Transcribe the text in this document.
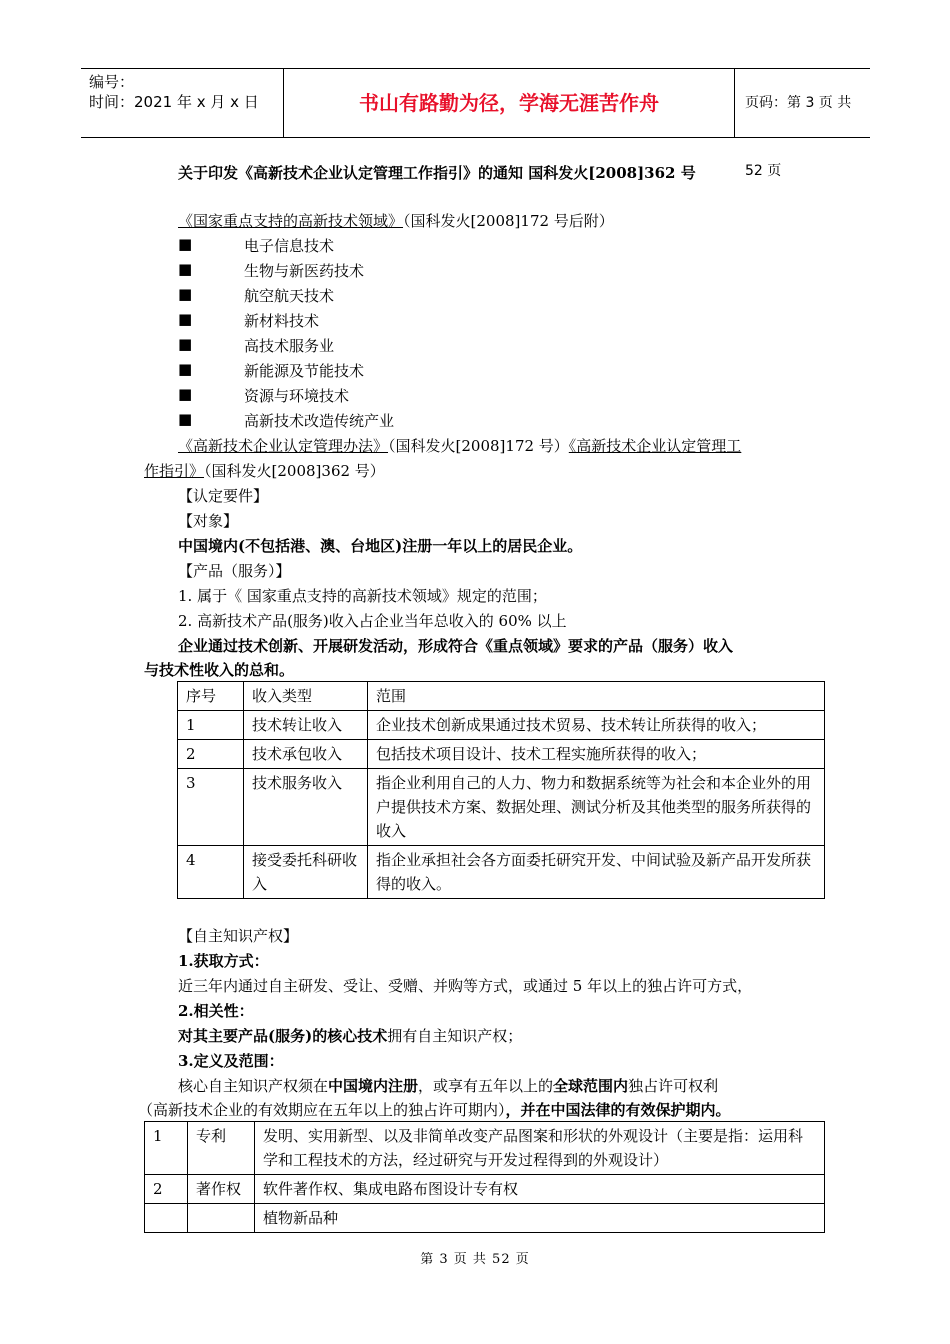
编号：
时间：2021 年 x 月 x 日	书山有路勤为径，学海无涯苦作舟	页码：第 3 页 共 52 页
关于印发《高新技术企业认定管理工作指引》的通知 国科发火[2008]362 号
《国家重点支持的高新技术领域》（国科发火[2008]172 号后附）
■	电子信息技术
■	生物与新医药技术
■	航空航天技术
■	新材料技术
■	高技术服务业
■	新能源及节能技术
■	资源与环境技术
■	高新技术改造传统产业
《高新技术企业认定管理办法》（国科发火[2008]172 号）《高新技术企业认定管理工
作指引》（国科发火[2008]362 号）
【认定要件】
【对象】
中国境内(不包括港、澳、台地区)注册一年以上的居民企业。
【产品（服务）】
1. 属于《 国家重点支持的高新技术领域》规定的范围；
2. 高新技术产品(服务)收入占企业当年总收入的 60% 以上
企业通过技术创新、开展研发活动，形成符合《重点领域》要求的产品（服务）收入
与技术性收入的总和。
序号	收入类型	范围
1	技术转让收入	企业技术创新成果通过技术贸易、技术转让所获得的收入；
2	技术承包收入	包括技术项目设计、技术工程实施所获得的收入；
3	技术服务收入	指企业利用自己的人力、物力和数据系统等为社会和本企业外的用户提供技术方案、数据处理、测试分析及其他类型的服务所获得的收入
4	接受委托科研收入	指企业承担社会各方面委托研究开发、中间试验及新产品开发所获得的收入。
【自主知识产权】
1.获取方式：
近三年内通过自主研发、受让、受赠、并购等方式，或通过 5 年以上的独占许可方式，
2.相关性：
对其主要产品(服务)的核心技术拥有自主知识产权；
3.定义及范围：
核心自主知识产权须在中国境内注册，或享有五年以上的全球范围内独占许可权利
（高新技术企业的有效期应在五年以上的独占许可期内），并在中国法律的有效保护期内。
1	专利	发明、实用新型、以及非简单改变产品图案和形状的外观设计（主要是指：运用科学和工程技术的方法，经过研究与开发过程得到的外观设计）
2	著作权	软件著作权、集成电路布图设计专有权
		植物新品种
第 3 页 共 52 页
